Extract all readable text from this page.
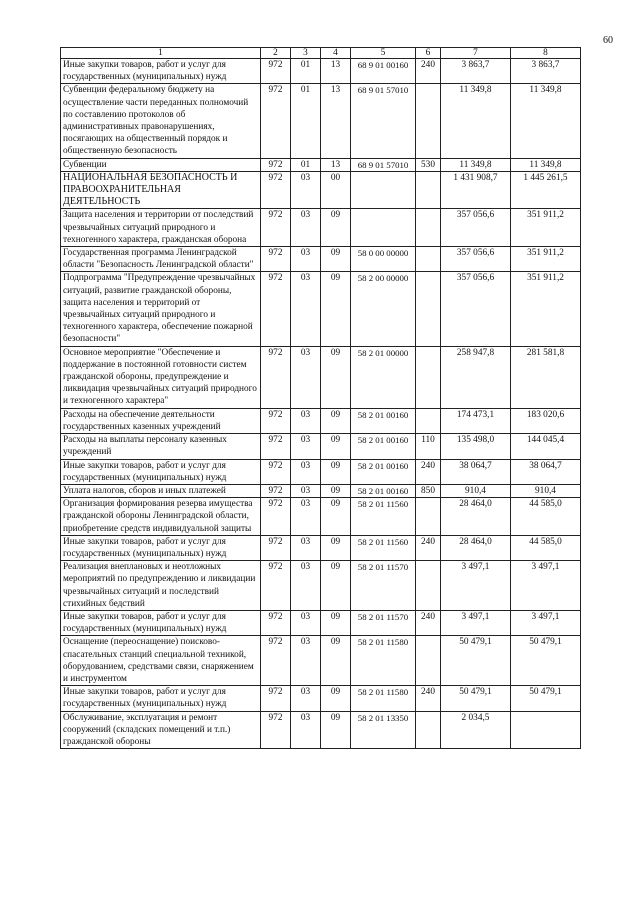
60
1	2	3	4	5	6	7	8
Иные закупки товаров, работ и услуг для государственных (муниципальных) нужд	972	01	13	68 9 01 00160	240	3 863,7	3 863,7
Субвенции федеральному бюджету на осуществление части переданных полномочий по составлению протоколов об административных правонарушениях, посягающих на общественный порядок и общественную безопасность	972	01	13	68 9 01 57010		11 349,8	11 349,8
Субвенции	972	01	13	68 9 01 57010	530	11 349,8	11 349,8
НАЦИОНАЛЬНАЯ БЕЗОПАСНОСТЬ И ПРАВООХРАНИТЕЛЬНАЯ ДЕЯТЕЛЬНОСТЬ	972	03	00			1 431 908,7	1 445 261,5
Защита населения и территории от последствий чрезвычайных ситуаций природного и техногенного характера, гражданская оборона	972	03	09			357 056,6	351 911,2
Государственная программа Ленинградской области "Безопасность Ленинградской области"	972	03	09	58 0 00 00000		357 056,6	351 911,2
Подпрограмма "Предупреждение чрезвычайных ситуаций, развитие гражданской обороны, защита населения и территорий от чрезвычайных ситуаций природного и техногенного характера, обеспечение пожарной безопасности"	972	03	09	58 2 00 00000		357 056,6	351 911,2
Основное мероприятие "Обеспечение и поддержание в постоянной готовности систем гражданской обороны, предупреждение и ликвидация чрезвычайных ситуаций природного и техногенного характера"	972	03	09	58 2 01 00000		258 947,8	281 581,8
Расходы на обеспечение деятельности государственных казенных учреждений	972	03	09	58 2 01 00160		174 473,1	183 020,6
Расходы на выплаты персоналу казенных учреждений	972	03	09	58 2 01 00160	110	135 498,0	144 045,4
Иные закупки товаров, работ и услуг для государственных (муниципальных) нужд	972	03	09	58 2 01 00160	240	38 064,7	38 064,7
Уплата налогов, сборов и иных платежей	972	03	09	58 2 01 00160	850	910,4	910,4
Организация формирования резерва имущества гражданской обороны Ленинградской области, приобретение средств индивидуальной защиты	972	03	09	58 2 01 11560		28 464,0	44 585,0
Иные закупки товаров, работ и услуг для государственных (муниципальных) нужд	972	03	09	58 2 01 11560	240	28 464,0	44 585,0
Реализация внеплановых и неотложных мероприятий по предупреждению и ликвидации чрезвычайных ситуаций и последствий стихийных бедствий	972	03	09	58 2 01 11570		3 497,1	3 497,1
Иные закупки товаров, работ и услуг для государственных (муниципальных) нужд	972	03	09	58 2 01 11570	240	3 497,1	3 497,1
Оснащение (переоснащение) поисково-спасательных станций специальной техникой, оборудованием, средствами связи, снаряжением и инструментом	972	03	09	58 2 01 11580		50 479,1	50 479,1
Иные закупки товаров, работ и услуг для государственных (муниципальных) нужд	972	03	09	58 2 01 11580	240	50 479,1	50 479,1
Обслуживание, эксплуатация и ремонт сооружений (складских помещений и т.п.) гражданской обороны	972	03	09	58 2 01 13350		2 034,5	
